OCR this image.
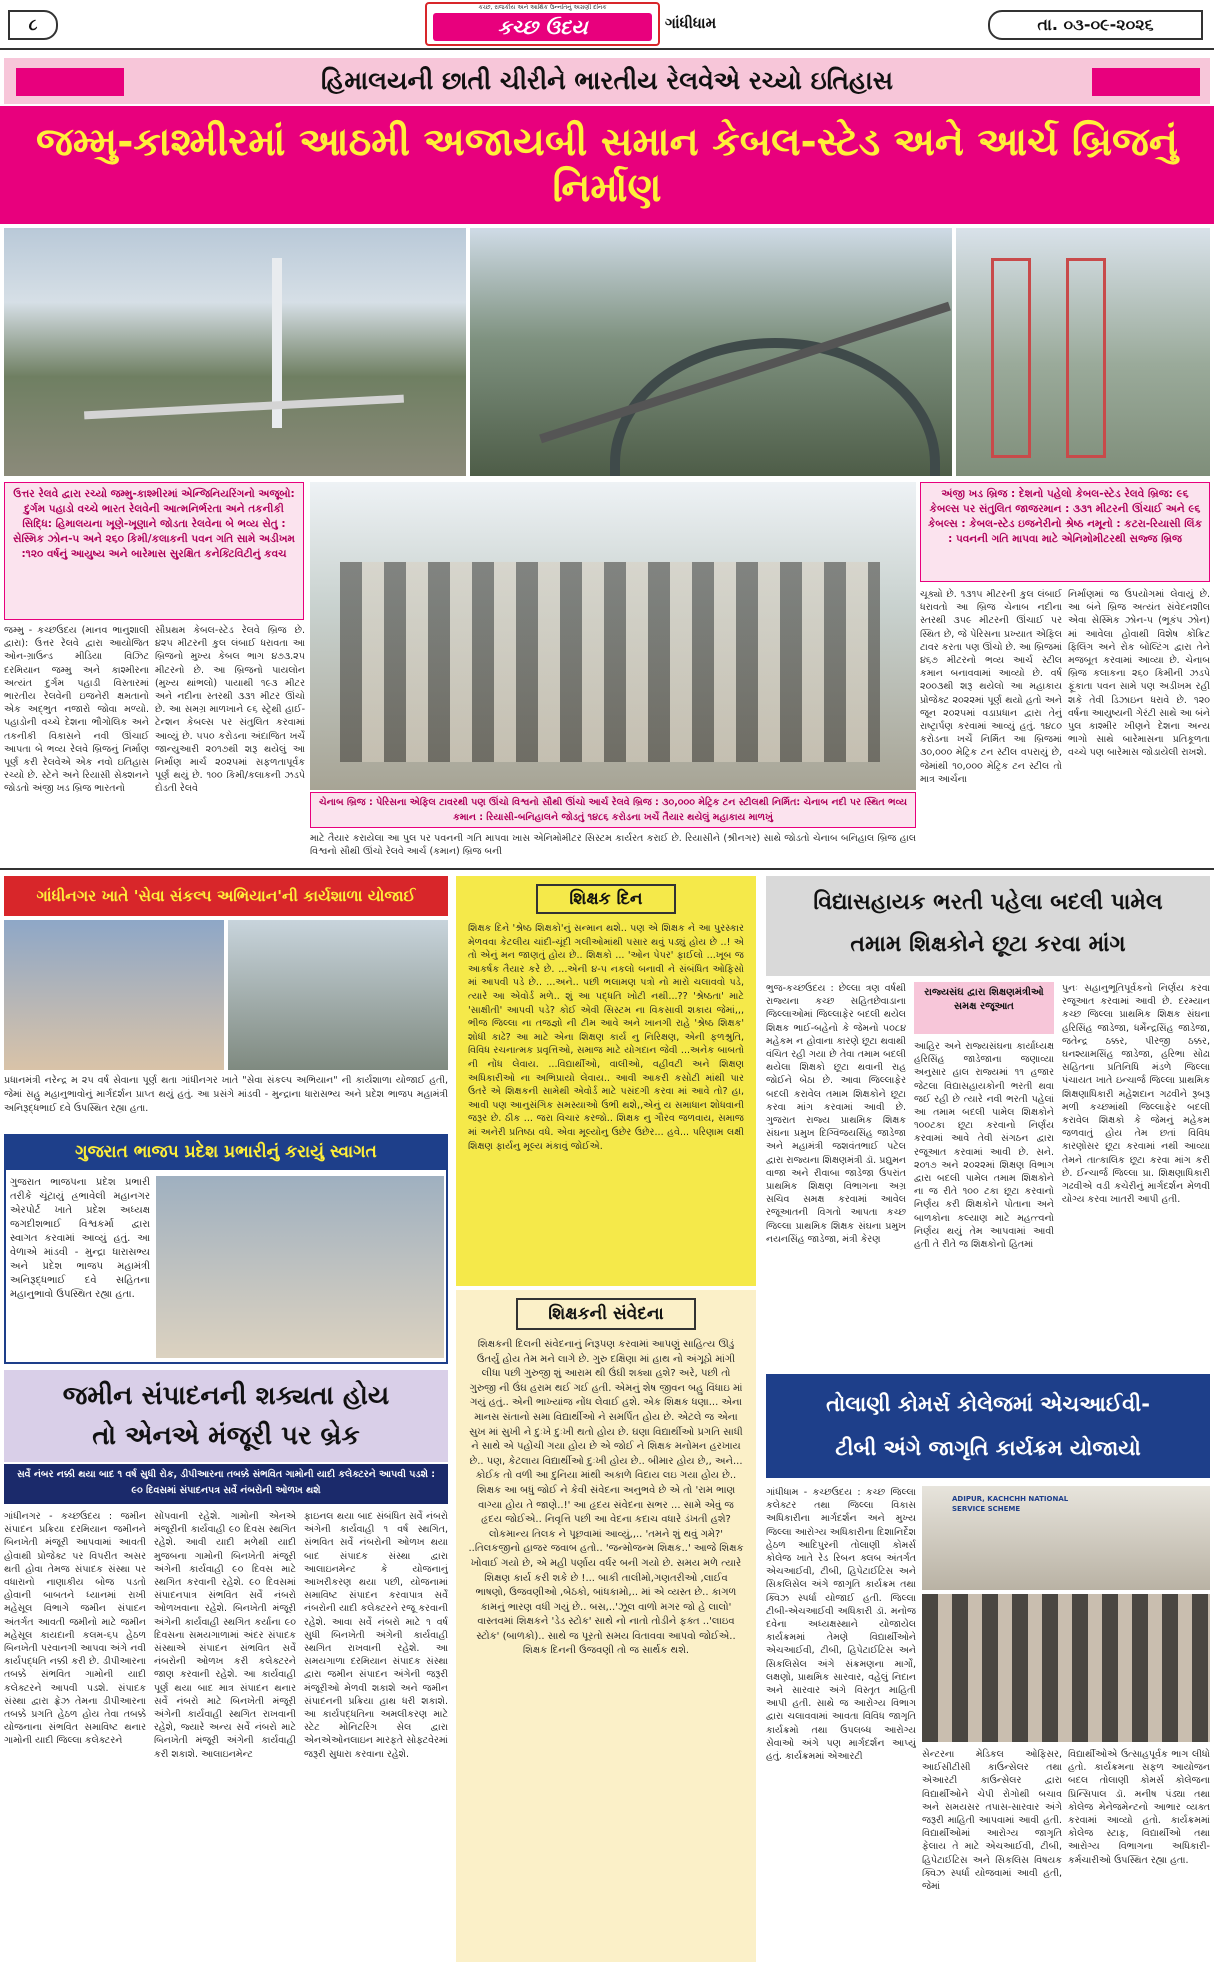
૮
કચ્છ, રાજકીય અને આર્થિક ઉન્નતિનું અગ્રણી દૈનિક
કચ્છ ઉદય	ગાંધીધામ	તા. ૦૩-૦૯-૨૦૨૬
હિમાલયની છાતી ચીરીને ભારતીય રેલવેએ રચ્યો ઇતિહાસ
જમ્મુ-કાશ્મીરમાં આઠમી અજાયબી સમાન કેબલ-સ્ટેડ અને આર્ચ બ્રિજનું નિર્માણ
ઉત્તર રેલવે દ્વારા રચ્યો જમ્મુ-કાશ્મીરમાં એન્જિનિયરિંગનો અજૂબો: દુર્ગમ પહાડો વચ્ચે ભારત રેલવેની આત્મનિર્ભરતા અને તકનીકી સિદ્ધિ: હિમાલયના ખૂણે-ખૂણાને જોડતા રેલવેના બે ભવ્ય સેતુ : સેસ્મિક ઝોન-૫ અને ૨૬૦ કિમી/કલાકની પવન ગતિ સામે અડીખમ :૧૨૦ વર્ષનું આયુષ્ય અને બારેમાસ સુરક્ષિત કનેક્ટિવિટીનું કવચ
જમ્મુ - કચ્છઉદય (માનવ ભાનુશાલી દ્વારા): ઉત્તર રેલવે દ્વારા આયોજિત ઓન-ગ્રાઉન્ડ મીડિયા વિઝિટ દરમિયાન જમ્મુ અને કાશ્મીરના અત્યંત દુર્ગમ પહાડી વિસ્તારમાં ભારતીય રેલવેની ઇજનેરી ક્ષમતાનો એક અદ્ભુત નજારો જોવા મળ્યો. પહાડોની વચ્ચે દેશના ભૌગોલિક અને તકનીકી વિકાસને નવી ઊંચાઈ આપતા બે ભવ્ય રેલવે બ્રિજનું નિર્માણ પૂર્ણ કરી રેલવેએ એક નવો ઇતિહાસ રચ્યો છે. સ્ટેને અને રિયાસી સેક્શનને જોડતો અંજી ખડ બ્રિજ ભારતનો
સૌપ્રથમ કેબલ-સ્ટેડ રેલવે બ્રિજ છે. ૪૨૫ મીટરની કુલ લંબાઈ ધરાવતા આ બ્રિજનો મુખ્ય કેબલ ભાગ ૪૭૩.૨૫ મીટરનો છે. આ બ્રિજનો પાયલોન (મુખ્ય થાંભલો) પાયાથી ૧૯૩ મીટર અને નદીના સ્તરથી ૩૩૧ મીટર ઊંચો છે. આ સમગ્ર માળખાને ૯૬ સ્ટ્રેથી હાઈ-ટેન્શન કેબલ્સ પર સંતુલિત કરવામાં આવ્યું છે. ૫૫૦ કરોડના અંદાજિત ખર્ચે જાન્યુઆરી ૨૦૧૭થી શરૂ થયેલું આ નિર્માણ માર્ચ ૨૦૨૫માં સફળતાપૂર્વક પૂર્ણ થયું છે. ૧૦૦ કિમી/કલાકની ઝડપે દોડતી રેલવે
ચેનાબ બ્રિજ : પેરિસના એફિલ ટાવરથી પણ ઊંચો વિશ્વનો સૌથી ઊંચો આર્ચ રેલવે બ્રિજ : ૩૦,૦૦૦ મેટ્રિક ટન સ્ટીલથી નિર્મિત: ચેનાબ નદી પર સ્થિત ભવ્ય કમાન : રિયાસી-બનિહાલને જોડતું ૧૪૮૬ કરોડના ખર્ચે તૈયાર થયેલું મહાકાય માળખું
માટે તૈયાર કરાયેલા આ પુલ પર પવનની ગતિ માપવા ખાસ એનિમોમીટર સિસ્ટમ કાર્યરત કરાઈ છે. રિયાસીને (શ્રીનગર) સાથે જોડતો ચેનાબ બનિહાલ બ્રિજ હાલ વિશ્વનો સૌથી ઊંચો રેલવે આર્ચ (કમાન) બ્રિજ બની
અંજી ખડ બ્રિજ : દેશનો પહેલો કેબલ-સ્ટેડ રેલવે બ્રિજ: ૯૬ કેબલ્સ પર સંતુલિત જાજરમાન : ૩૩૧ મીટરની ઊંચાઈ અને ૯૬ કેબલ્સ : કેબલ-સ્ટેડ ઇજનેરીનો શ્રેષ્ઠ નમૂનો : કટરા-રિયાસી લિંક : પવનની ગતિ માપવા માટે એનિમોમીટરથી સજ્જ બ્રિજ
ચૂક્યો છે. ૧૩૧૫ મીટરની કુલ લંબાઈ ધરાવતો આ બ્રિજ ચેનાબ નદીના સ્તરથી ૩૫૯ મીટરની ઊંચાઈ પર સ્થિત છે, જે પેરિસના પ્રખ્યાત એફિલ ટાવર કરતા પણ ઊંચો છે. આ બ્રિજમાં ૪૬૭ મીટરનો ભવ્ય આર્ચ સ્ટીલ કમાન બનાવવામાં આવ્યો છે. વર્ષ ૨૦૦૩થી શરૂ થયેલો આ મહાકાય પ્રોજેક્ટ ૨૦૨૨માં પૂર્ણ થયો હતો અને જૂન ૨૦૨૫માં વડાપ્રધાન દ્વારા તેનું રાષ્ટ્રાર્પણ કરવામાં આવ્યું હતું. ૧૪૮૦ કરોડના ખર્ચે નિર્મિત આ બ્રિજમાં ૩૦,૦૦૦ મેટ્રિક ટન સ્ટીલ વપરાયું છે, જેમાંથી ૧૦,૦૦૦ મેટ્રિક ટન સ્ટીલ તો માત્ર આર્ચના
નિર્માણમાં જ ઉપયોગમાં લેવાયું છે. આ બંને બ્રિજ અત્યંત સંવેદનશીલ એવા સેસ્મિક ઝોન-૫ (ભૂકંપ ઝોન) માં આવેલા હોવાથી વિશેષ કોંક્રિટ ફિલિંગ અને રોક બોલ્ટિંગ દ્વારા તેને મજબૂત કરવામાં આવ્યા છે. ચેનાબ બ્રિજ કલાકના ૨૬૦ કિમીની ઝડપે ફૂંકાતા પવન સામે પણ અડીખમ રહી શકે તેવી ડિઝાઇન ધરાવે છે. ૧૨૦ વર્ષના આયુષ્યની ગેરંટી સાથે આ બંને પુલ કાશ્મીર ખીણને દેશના અન્ય ભાગો સાથે બારેમાસના પ્રતિકૂળતા વચ્ચે પણ બારેમાસ જોડાયેલી રાખશે.
ગાંધીનગર ખાતે 'સેવા સંકલ્પ અભિયાન'ની કાર્યશાળા યોજાઈ
પ્રધાનમંત્રી નરેન્દ્ર મ ૨૫ વર્ષ સેવાના પૂર્ણ થતા ગાંધીનગર ખાતે "સેવા સંકલ્પ અભિયાન" ની કાર્યશાળા યોજાઈ હતી, જેમાં સહુ મહાનુભાવોનું માર્ગદર્શન પ્રાપ્ત થયું હતું. આ પ્રસંગે માંડવી - મુન્દ્રાના ધારાસભ્ય અને પ્રદેશ ભાજપ મહામંત્રી અનિરૂદ્ધભાઈ દવે ઉપસ્થિત રહ્યા હતા.
ગુજરાત ભાજપ પ્રદેશ પ્રભારીનું કરાયું સ્વાગત
ગુજરાત ભાજપના પ્રદેશ પ્રભારી તરીકે ચૂંટાયું હ્રભાવેલી મહાનગર એરપોર્ટ ખાતે પ્રદેશ અધ્યક્ષ જગદીશભાઈ વિશ્વકર્મા દ્વારા સ્વાગત કરવામાં આવ્યું હતું. આ વેળાએ માંડવી - મુન્દ્રા ધારાસભ્ય અને પ્રદેશ ભાજપ મહામંત્રી અનિરૂદ્ધભાઈ દવે સહિતના મહાનુભાવો ઉપસ્થિત રહ્યા હતા.
જમીન સંપાદનની શક્યતા હોય
તો એનએ મંજૂરી પર બ્રેક
સર્વે નંબર નક્કી થયા બાદ ૧ વર્ષ સુધી રોક, ડીપીઆરના તબક્કે સંભવિત ગામોની યાદી કલેક્ટરને આપવી પડશે : ૯૦ દિવસમાં સંપાદનપત્ર સર્વે નંબરોની ઓળખ થશે
ગાંધીનગર - કચ્છઉદય : જમીન સંપાદન પ્રક્રિયા દરમિયાન જમીનને બિનખેતી મંજૂરી આપવામાં આવતી હોવાથી પ્રોજેક્ટ પર વિપરીત અસર થતી હોવા તેમજ સંપાદક સંસ્થા પર વધારાનો નાણાકીય બોજ પડતો હોવાની બાબતને ધ્યાનમાં રાખી મહેસૂલ વિભાગે જમીન સંપાદન અંતર્ગત આવતી જમીનો માટે જમીન મહેસૂલ કાયદાની કલમ-૬૫ હેઠળ બિનખેતી પરવાનગી આપવા અંગે નવી કાર્યપદ્ધતિ નક્કી કરી છે. ડીપીઆરના તબક્કે સંભવિત ગામોની યાદી કલેક્ટરને આપવી પડશે. સંપાદક સંસ્થા દ્વારા ફ્રેઝ તેમના ડીપીઆરના તબક્કે પ્રગતિ હેઠળ હોય તેવા તબક્કે યોજનાના સંભવિત સમાવિષ્ટ થનાર ગામોની યાદી જિલ્લા કલેક્ટરને
સોંપવાની રહેશે. ગામોની એનએ મંજૂરીની કાર્યવાહી ૯૦ દિવસ સ્થગિત રહેશે. આવી યાદી મળેથી યાદી મુજબના ગામોની બિનખેતી મંજૂરી અંગેની કાર્યવાહી ૯૦ દિવસ માટે સ્થગિત કરવાની રહેશે. ૯૦ દિવસમાં સંપાદનપાત્ર સંભવિત સર્વે નંબરો ઓળખવાના રહેશે. બિનખેતી મંજૂરી અંગેની કાર્યવાહી સ્થગિત કર્યાના ૯૦ દિવસના સમયગાળામાં અંદર સંપાદક સંસ્થાએ સંપાદન સંભવિત સર્વે નંબરોની ઓળખ કરી કલેક્ટરને જાણ કરવાની રહેશે. આ કાર્યવાહી પૂર્ણ થયા બાદ માત્ર સંપાદન થનાર સર્વે નંબરો માટે બિનખેતી મંજૂરી અંગેની કાર્યવાહી સ્થગિત રાખવાની રહેશે, જ્યારે અન્ય સર્વે નંબરો માટે બિનખેતી મંજૂરી અંગેની કાર્યવાહી કરી શકાશે. આલાઇનમેન્ટ
ફાઇનલ થયા બાદ સંબંધિત સર્વે નંબરો અંગેની કાર્યવાહી ૧ વર્ષ સ્થગિત, સંભવિત સર્વે નંબરોની ઓળખ થયા બાદ સંપાદક સંસ્થા દ્વારા આલાઇનમેન્ટ કે યોજનાનું આખરીકરણ થયા પછી, યોજનામાં સમાવિષ્ટ સંપાદન કરવાપાત્ર સર્વે નંબરોની યાદી કલેક્ટરને રજૂ કરવાની રહેશે. આવા સર્વે નંબરો માટે ૧ વર્ષ સુધી બિનખેતી અંગેની કાર્યવાહી સ્થગિત રાખવાની રહેશે. આ સમયગાળા દરમિયાન સંપાદક સંસ્થા દ્વારા જમીન સંપાદન અંગેની જરૂરી મંજૂરીઓ મેળવી શકાશે અને જમીન સંપાદનની પ્રક્રિયા હાથ ધરી શકાશે. આ કાર્યપદ્ધતિના અમલીકરણ માટે સ્ટેટ મોનિટરિંગ સેલ દ્વારા એનએઓનલાઇન મારફતે સોફ્ટવેરમાં જરૂરી સુધારા કરવાના રહેશે.
શિક્ષક દિન
શિક્ષક દિને 'શ્રેષ્ઠ શિક્ષકો'નું સન્માન થશે.. પણ એ શિક્ષક ને આ પુરસ્કાર મેળવવા કેટલીય ચાંદી-ચૂંદી ગલીઓમાંથી પસાર થવું પડ્યું હોય છે ..! એ તો એનું મન જાણતું હોય છે.. શિક્ષકો ... 'ઓન પેપર' ફાઈલો ...ખૂબ જ આકર્ષક તૈયાર કરે છે. ...એની ૪-૫ નકલો બનાવી ને સંબંધિત ઓફિસો માં આપવી પડે છે.. ...અને.. પછી ભલામણ પત્રો નો મારો ચલાવવો પડે, ત્યારે આ એવોર્ડ મળે.. શું આ પદ્ધતિ ખોટી નથી...?? 'શ્રેષ્ઠતા' માટે 'સાક્ષીતી' આપવી પડે? કોઈ એવી સિસ્ટમ ના વિકસાવી શકાય જેમાં,,, ભીજ જિલ્લા ના તજજ્ઞો ની ટીમ આવે અને ખાનગી રાહે 'શ્રેષ્ઠ શિક્ષક' શોધી કાઢે? આ માટે એના શિક્ષણ કાર્ય નુ નિરિક્ષણ, એની ફળશ્રુતિ, વિવિધ રચનાત્મક પ્રવૃત્તિઓ, સમાજ માટે યોગદાન જેવી ...અનેક બાબતો ની નોંધ લેવાય. ...વિદ્યાર્થીઓ, વાલીઓ, વહીવટી અને શિક્ષણ અધિકારીઓ ના અભિપ્રાયો લેવાય.. આવી આકરી કસોટી માંથી પાર ઉતરે એ શિક્ષકની સામેથી એવોર્ડ માટે પસંદગી કરવા માં આવે તો? હા, આવી પણ આનુસંગિક સમસ્યાઓ ઉભી થશે,,એનું ય સમાધાન શોધવાની જરૂર છે. ઠીક ... જરા વિચાર કરજો.. શિક્ષક નુ ગૌરવ જળવાય, સમાજ માં અનેરી પ્રતિષ્ઠા વધે. એવા મૂલ્યોનુ ઉછેર ઉછેર... હવે... પરિણામ લક્ષી શિક્ષણ ફાર્યનુ મૂલ્ય મંકાવું જોઈએ.
શિક્ષકની સંવેદના
શિક્ષકની દિલની સંવેદનાનું નિરૂપણ કરવામાં આપણું સાહિત્ય ઊંડું ઉતર્યું હોય તેમ મને લાગે છે. ગુરુ દક્ષિણા માં હાથ નો અંગૂઠો માંગી લીધા પછી ગુરુજી શું આરામ થી ઉંઘી શક્યા હશે? અરે, પછી તો ગુરુજી ની ઉંઘ હરામ થઈ ગઈ હતી. એમનું શેષ જીવન બહુ વિંધાઇ માં ગયું હતું.. એની ભાખ્યાંજ નોંધ લેવાઈ હશે. એક શિક્ષક ધણા... એના માનસ સંતાનો સમા વિદ્યાર્થીઓ ને સમર્પિત હોય છે. એટલે જ એના સુખ માં સુખી ને દુઃખે દુઃખી થતો હોય છે. ઘણા વિદ્યાર્થીઓ પ્રગતિ સાધી ને સાથે એ પહોંચી ગયા હોય છે એ જોઈ ને શિક્ષક મનોમન હરખાય છે.. પણ, કેટલાય વિદ્યાર્થીઓ દુઃખી હોય છે.. બીમાર હોય છે,, અને... કોઈક તો વળી આ દુનિયા માંથી અકાળે વિદાય લઇ ગયા હોય છે.. શિક્ષક આ બધું જોઈ ને કેવી સંવેદના અનુભવે છે એ તો 'રામ ભાણ વાગ્યા હોય તે જાણે..!' આ હૃદય સંવેદના સભર ... સામે એવું જ હૃદય જોઈએ.. નિવૃત્તિ પછી આ વેદના કદાચ વધારે ડંખતી હશે? લોકમાન્ય તિલક ને પૂછવામાં આવ્યું,,.. 'તમને શું થવું ગમે?' ..તિલકજીનો હાજર જવાબ હતો.. 'જન્મોજન્મ શિક્ષક..' આજે શિક્ષક ખોવાઈ ગયો છે, એ મહી પર્ણાય વર્ધર બની ગયો છે. સમય મળે ત્યારે શિક્ષણ કાર્ય કરી શકે છે !... બાકી તાલીમો,ગણતરીઓ ,લાઈવ ભાષણો, ઉજવણીઓ ,બેઠકો, બાંધકામો,.. માં એ વ્યસ્ત છે.. કાગળ કામનું ભારણ વધી ગયું છે.. બસ,..'ઝૂલ વાળો મગર જો હે લાલો' વાસ્તવમાં શિક્ષકને 'ડેડ સ્ટોક' સાથે નો નાતો તોડીને ફક્ત ..'લાઇવ સ્ટોક' (બાળકો).. સાથે જ પૂરતો સમય વિતાવવા આપવો જોઈએ.. શિક્ષક દિનની ઉજવણી તો જ સાર્થક થશે.
વિદ્યાસહાયક ભરતી પહેલા બદલી પામેલ
તમામ શિક્ષકોને છૂટા કરવા માંગ
ભુજ-કચ્છઉદય : છેલ્લા ત્રણ વર્ષથી રાજ્યના કચ્છ સહિતછેવાડાના જિલ્લાઓમાં જિલ્લાફેર બદલી થયેલ શિક્ષક ભાઈ-બહેનો કે જેમનો ૫૦૮૪ મહેકમ ન હોવાના કારણે છૂટા થવાથી વંચિત રહી ગયા છે તેવા તમામ બદલી થયેલા શિક્ષકો છૂટા થવાની રાહ જોઈને બેઠા છે. આવા જિલ્લાફેર બદલી કરાવેલ તમામ શિક્ષકોને છૂટા કરવા માંગ કરવામાં આવી છે. ગુજરાત રાજ્ય પ્રાથમિક શિક્ષક સંઘના પ્રમુખ દિગ્વિજયસિંહ જાડેજા અને મહામંત્રી જશવંતભાઈ પટેલ દ્વારા રાજ્યના શિક્ષણમંત્રી ડૉ. પ્રદ્યુમન વાજા અને રીવાબા જાડેજા ઉપરાંત પ્રાથમિક શિક્ષણ વિભાગના અગ્ર સચિવ સમક્ષ કરવામાં આવેલ રજૂઆતની વિગતો આપતા કચ્છ જિલ્લા પ્રાથમિક શિક્ષક સંઘના પ્રમુખ નયનસિંહ જાડેજા, મંત્રી કેરણ
રાજ્યસંઘ દ્વારા શિક્ષણમંત્રીઓ સમક્ષ રજૂઆત
આહિર અને રાજ્યસંઘના કાર્યાધ્યક્ષ હરિસિંહ જાડેજાના જણાવ્યા અનુસાર હાલ રાજ્યમાં ૧૧ હજાર જેટલા વિદ્યાસહાયકોની ભરતી થવા જઈ રહી છે ત્યારે નવી ભરતી પહેલાં આ તમામ બદલી પામેલ શિક્ષકોને ૧૦૦ટકા છૂટા કરવાનો નિર્ણય કરવામાં આવે તેવી સંગઠન દ્વારા રજૂઆત કરવામાં આવી છે. સને. ૨૦૧૭ અને ૨૦૨૨માં શિક્ષણ વિભાગ દ્વારા બદલી પામેલ તમામ શિક્ષકોને ના જ રીતે ૧૦૦ ટકા છૂટા કરવાનો નિર્ણય કરી શિક્ષકોને પોતાના અને બાળકોના કલ્યાણ માટે મહત્ત્વનો નિર્ણય થયું તેમ આપવામાં આવી હતી તે રીતે જ શિક્ષકોનો હિતમાં
પુનઃ સહાનુભૂતિપૂર્વકનો નિર્ણય કરવા રજૂઆત કરવામાં આવી છે. દરમ્યાન કચ્છ જિલ્લા પ્રાથમિક શિક્ષક સંઘના હરિસિંહ જાડેજા, ધર્મેન્દ્રસિંહ જાડેજા, જતેન્દ્ર ઠક્કર, પીરજી ઠક્કર, ઘનશ્યામસિંહ જાડેજા, હરિભા સોઢા સહિતના પ્રતિનિધિ મંડળે જિલ્લા પંચાયત ખાતે ઇન્ચાર્જ જિલ્લા પ્રાથમિક શિક્ષણાધિકારી મહેશદાન ગઢવીને રૂબરૂ મળી કચ્છમાંથી જિલ્લાફેર બદલી કરાવેલ શિક્ષકો કે જેમનું મહેકમ જળવાતું હોય તેમ છતાં વિવિધ કારણોસર છૂટા કરવામાં નથી આવ્યા તેમને તાત્કાલિક છૂટા કરવા માંગ કરી છે. ઈન્ચાર્જ જિલ્લા પ્રા. શિક્ષણાધિકારી ગઢવીએ વડી કચેરીનું માર્ગદર્શન મેળવી યોગ્ય કરવા ખાતરી આપી હતી.
તોલાણી કોમર્સ કોલેજમાં એચઆઈવી-
ટીબી અંગે જાગૃતિ કાર્યક્રમ યોજાયો
ગાંધીધામ - કચ્છઉદય : કચ્છ જિલ્લા કલેક્ટર તથા જિલ્લા વિકાસ અધિકારીના માર્ગદર્શન અને મુખ્ય જિલ્લા આરોગ્ય અધિકારીના દિશાનિર્દેશ હેઠળ આદિપુરની તોલાણી કોમર્સ કોલેજ ખાતે રેડ રિબન ક્લબ અંતર્ગત એચઆઈવી, ટીબી, હિપેટાઈટિસ અને સિકલિસેલ અંગે જાગૃતિ કાર્યક્રમ તથા ક્વિઝ સ્પર્ધા યોજાઈ હતી. જિલ્લા ટીબી-એચઆઈવી અધિકારી ડૉ. મનોજ દવેના અધ્યક્ષસ્થાને યોજાયેલ કાર્યક્રમમાં તેમણે વિદ્યાર્થીઓને એચઆઈવી, ટીબી, હિપેટાઈટિસ અને સિકલિસેલ અંગે સંક્રમણના માર્ગો, લક્ષણો, પ્રાથમિક સારવાર, વહેલું નિદાન અને સારવાર અંગે વિસ્તૃત માહિતી આપી હતી. સાથે જ આરોગ્ય વિભાગ દ્વારા ચલાવવામાં આવતા વિવિધ જાગૃતિ કાર્યક્રમો તથા ઉપલબ્ધ આરોગ્ય સેવાઓ અંગે પણ માર્ગદર્શન આપ્યું હતું. કાર્યક્રમમાં એઆરટી
ADIPUR, KACHCHH NATIONAL SERVICE SCHEME
સેન્ટરના મેડિકલ ઓફિસર, આઈસીટીસી કાઉન્સેલર તથા એઆરટી કાઉન્સેલર દ્વારા વિદ્યાર્થીઓને ચેપી રોગોથી બચાવ અને સમયસર તપાસ-સારવાર અંગે જરૂરી માહિતી આપવામાં આવી હતી. વિદ્યાર્થીઓમાં આરોગ્ય જાગૃતિ ફેલાય તે માટે એચઆઈવી, ટીબી, હિપેટાઈટિસ અને સિકલિસ વિષયક ક્વિઝ સ્પર્ધા યોજવામાં આવી હતી, જેમાં
વિદ્યાર્થીઓએ ઉત્સાહપૂર્વક ભાગ લીધો હતો. કાર્યક્રમના સફળ આયોજન બદલ તોલાણી કોમર્સ કોલેજના પ્રિન્સિપાલ ડૉ. મનીષ પંડ્યા તથા કોલેજ મેનેજમેન્ટનો આભાર વ્યક્ત કરવામાં આવ્યો હતો. કાર્યક્રમમાં કોલેજ સ્ટાફ, વિદ્યાર્થીઓ તથા આરોગ્ય વિભાગના અધિકારી-કર્મચારીઓ ઉપસ્થિત રહ્યા હતા.
